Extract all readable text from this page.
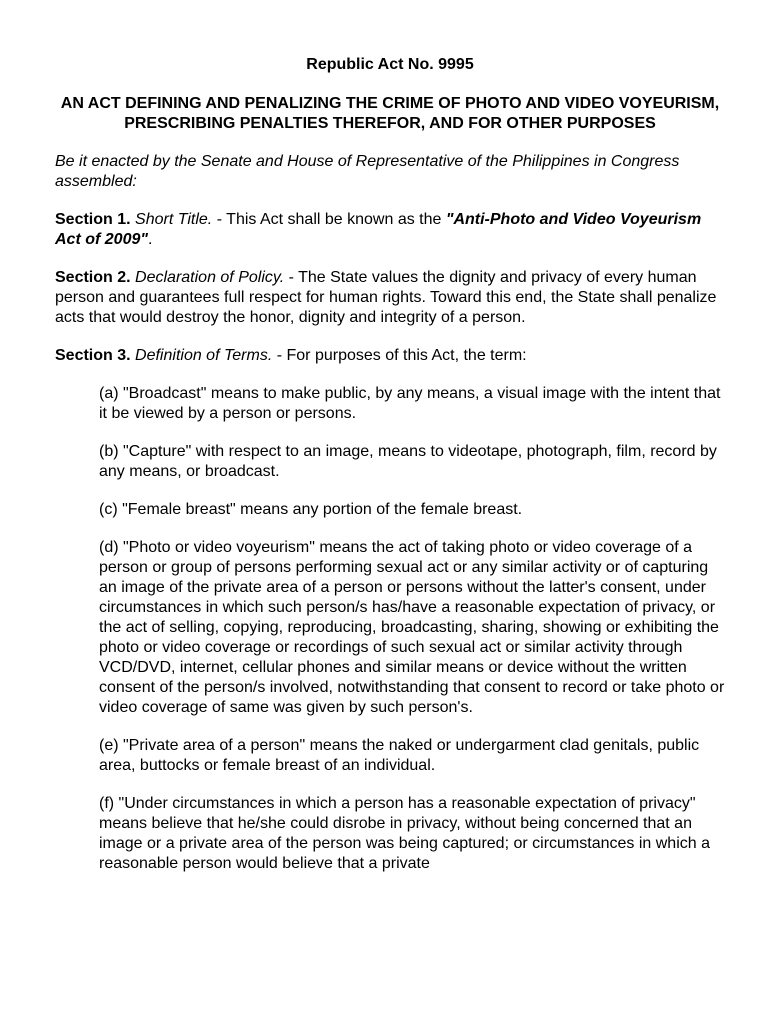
Republic Act No. 9995
AN ACT DEFINING AND PENALIZING THE CRIME OF PHOTO AND VIDEO VOYEURISM, PRESCRIBING PENALTIES THEREFOR, AND FOR OTHER PURPOSES
Be it enacted by the Senate and House of Representative of the Philippines in Congress assembled:
Section 1. Short Title. - This Act shall be known as the "Anti-Photo and Video Voyeurism Act of 2009".
Section 2. Declaration of Policy. - The State values the dignity and privacy of every human person and guarantees full respect for human rights. Toward this end, the State shall penalize acts that would destroy the honor, dignity and integrity of a person.
Section 3. Definition of Terms. - For purposes of this Act, the term:
(a) "Broadcast" means to make public, by any means, a visual image with the intent that it be viewed by a person or persons.
(b) "Capture" with respect to an image, means to videotape, photograph, film, record by any means, or broadcast.
(c) "Female breast" means any portion of the female breast.
(d) "Photo or video voyeurism" means the act of taking photo or video coverage of a person or group of persons performing sexual act or any similar activity or of capturing an image of the private area of a person or persons without the latter's consent, under circumstances in which such person/s has/have a reasonable expectation of privacy, or the act of selling, copying, reproducing, broadcasting, sharing, showing or exhibiting the photo or video coverage or recordings of such sexual act or similar activity through VCD/DVD, internet, cellular phones and similar means or device without the written consent of the person/s involved, notwithstanding that consent to record or take photo or video coverage of same was given by such person's.
(e) "Private area of a person" means the naked or undergarment clad genitals, public area, buttocks or female breast of an individual.
(f) "Under circumstances in which a person has a reasonable expectation of privacy" means believe that he/she could disrobe in privacy, without being concerned that an image or a private area of the person was being captured; or circumstances in which a reasonable person would believe that a private
